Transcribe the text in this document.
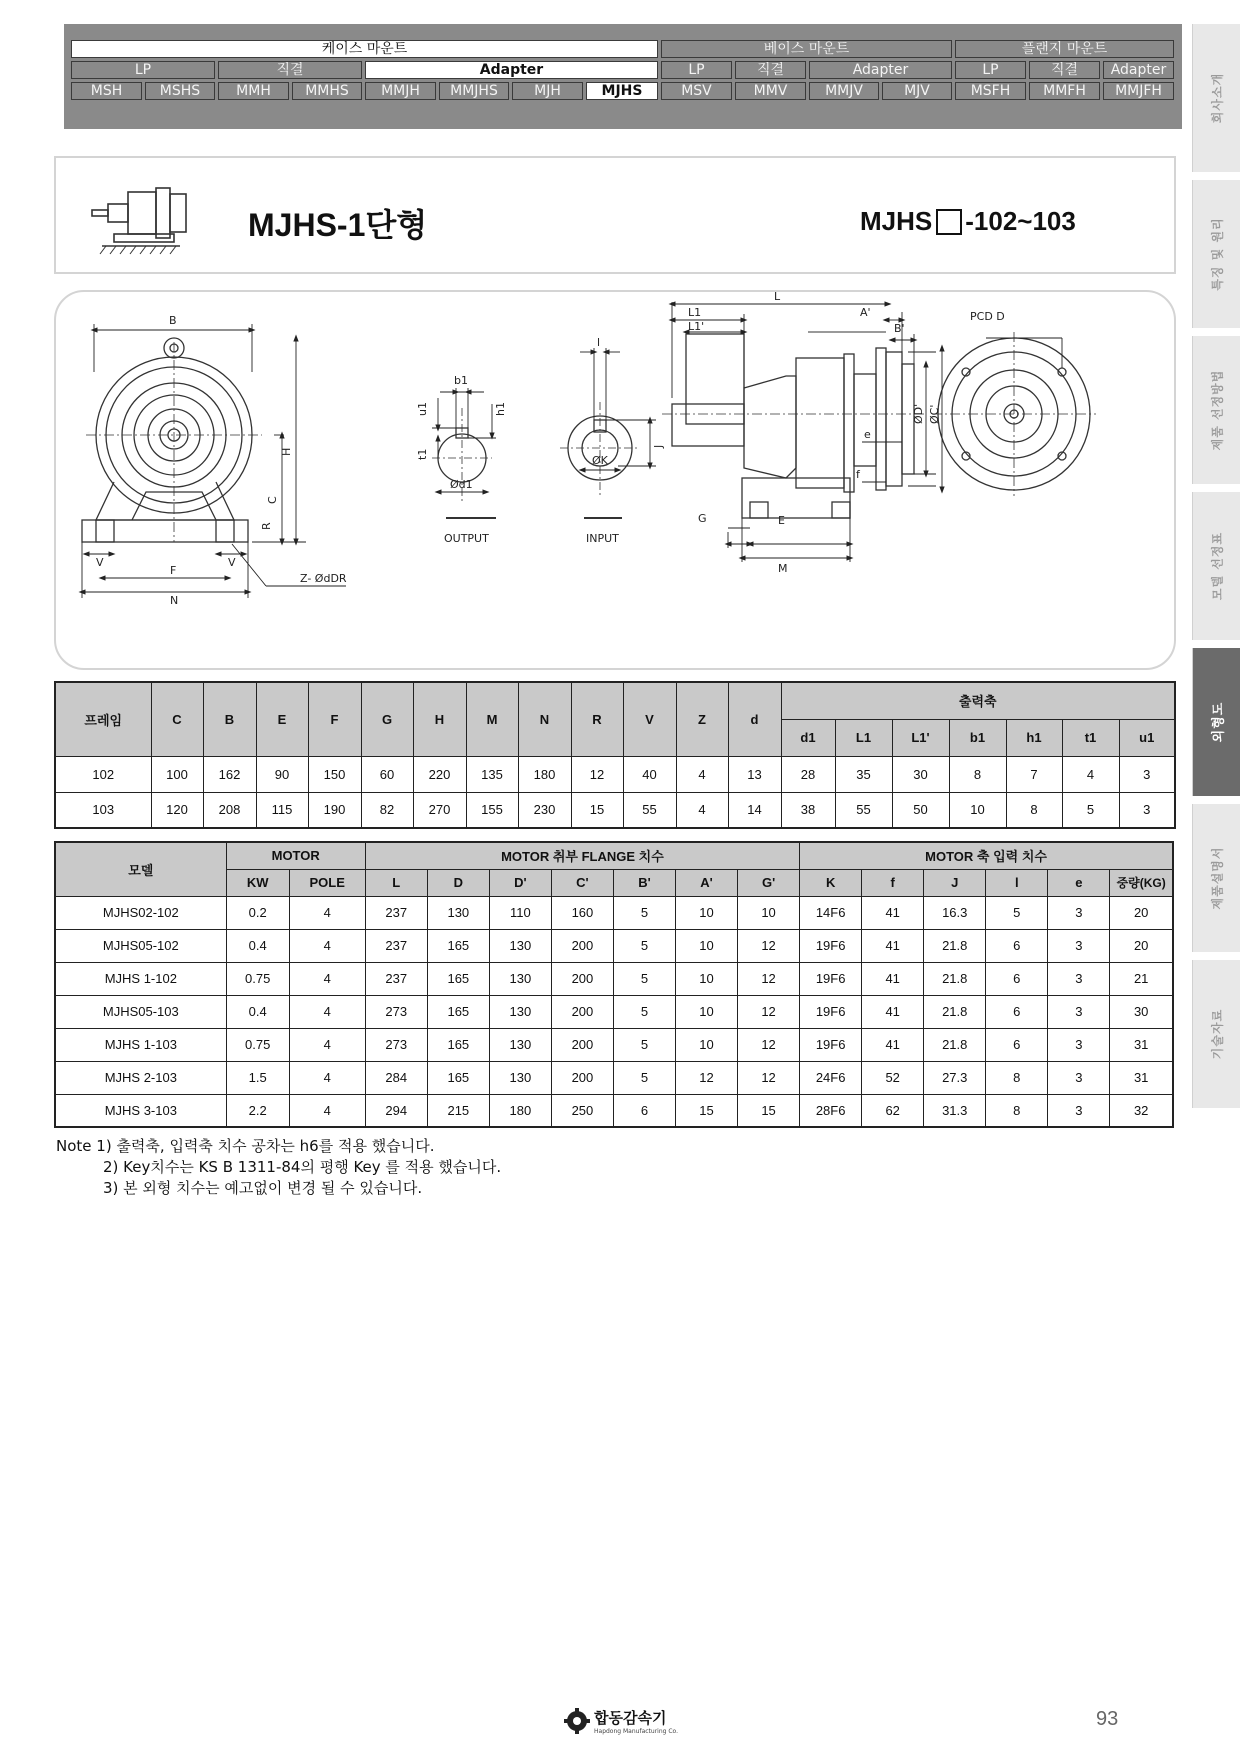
케이스 마운트	베이스 마운트	플랜지 마운트
LP	직결	Adapter	LP	직결	Adapter	LP	직결	Adapter
MSH	MSHS	MMH	MMHS	MMJH	MMJHS	MJH	MJHS	MSV	MMV	MMJV	MJV	MSFH	MMFH	MMJFH	회사소개
특징 및 원리
제품 선정방법
모델 선정표
외형도
제품설명서
기술자료
MJHS-1단형	MJHS -102~103
B
H
C
R
V	V
F
N
Z- ØdDR
b1
u1	h1
t1
Ød1
OUTPUT
l
J
ØK
INPUT
L
L1
L1'
A'
B'
PCD D
ØD' ØC'
e
f
G	E
M
프레임	C	B	E	F	G	H	M	N	R	V	Z	d	출력축						
													d1	L1	L1'	b1	h1	t1	u1
102	100	162	90	150	60	220	135	180	12	40	4	13	28	35	30	8	7	4	3
103	120	208	115	190	82	270	155	230	15	55	4	14	38	55	50	10	8	5	3
모델	MOTOR		MOTOR 취부 FLANGE 치수							MOTOR 축 입력 치수					
	KW	POLE	L	D	D'	C'	B'	A'	G'	K	f	J	l	e	중량(KG)
MJHS02-102	0.2	4	237	130	110	160	5	10	10	14F6	41	16.3	5	3	20
MJHS05-102	0.4	4	237	165	130	200	5	10	12	19F6	41	21.8	6	3	20
MJHS 1-102	0.75	4	237	165	130	200	5	10	12	19F6	41	21.8	6	3	21
MJHS05-103	0.4	4	273	165	130	200	5	10	12	19F6	41	21.8	6	3	30
MJHS 1-103	0.75	4	273	165	130	200	5	10	12	19F6	41	21.8	6	3	31
MJHS 2-103	1.5	4	284	165	130	200	5	12	12	24F6	52	27.3	8	3	31
MJHS 3-103	2.2	4	294	215	180	250	6	15	15	28F6	62	31.3	8	3	32
Note 1) 출력축, 입력축 치수 공차는 h6를 적용 했습니다.
2) Key치수는 KS B 1311-84의 평행 Key 를 적용 했습니다.
3) 본 외형 치수는 예고없이 변경 될 수 있습니다.
합동감속기
Hapdong Manufacturing Co.
93
